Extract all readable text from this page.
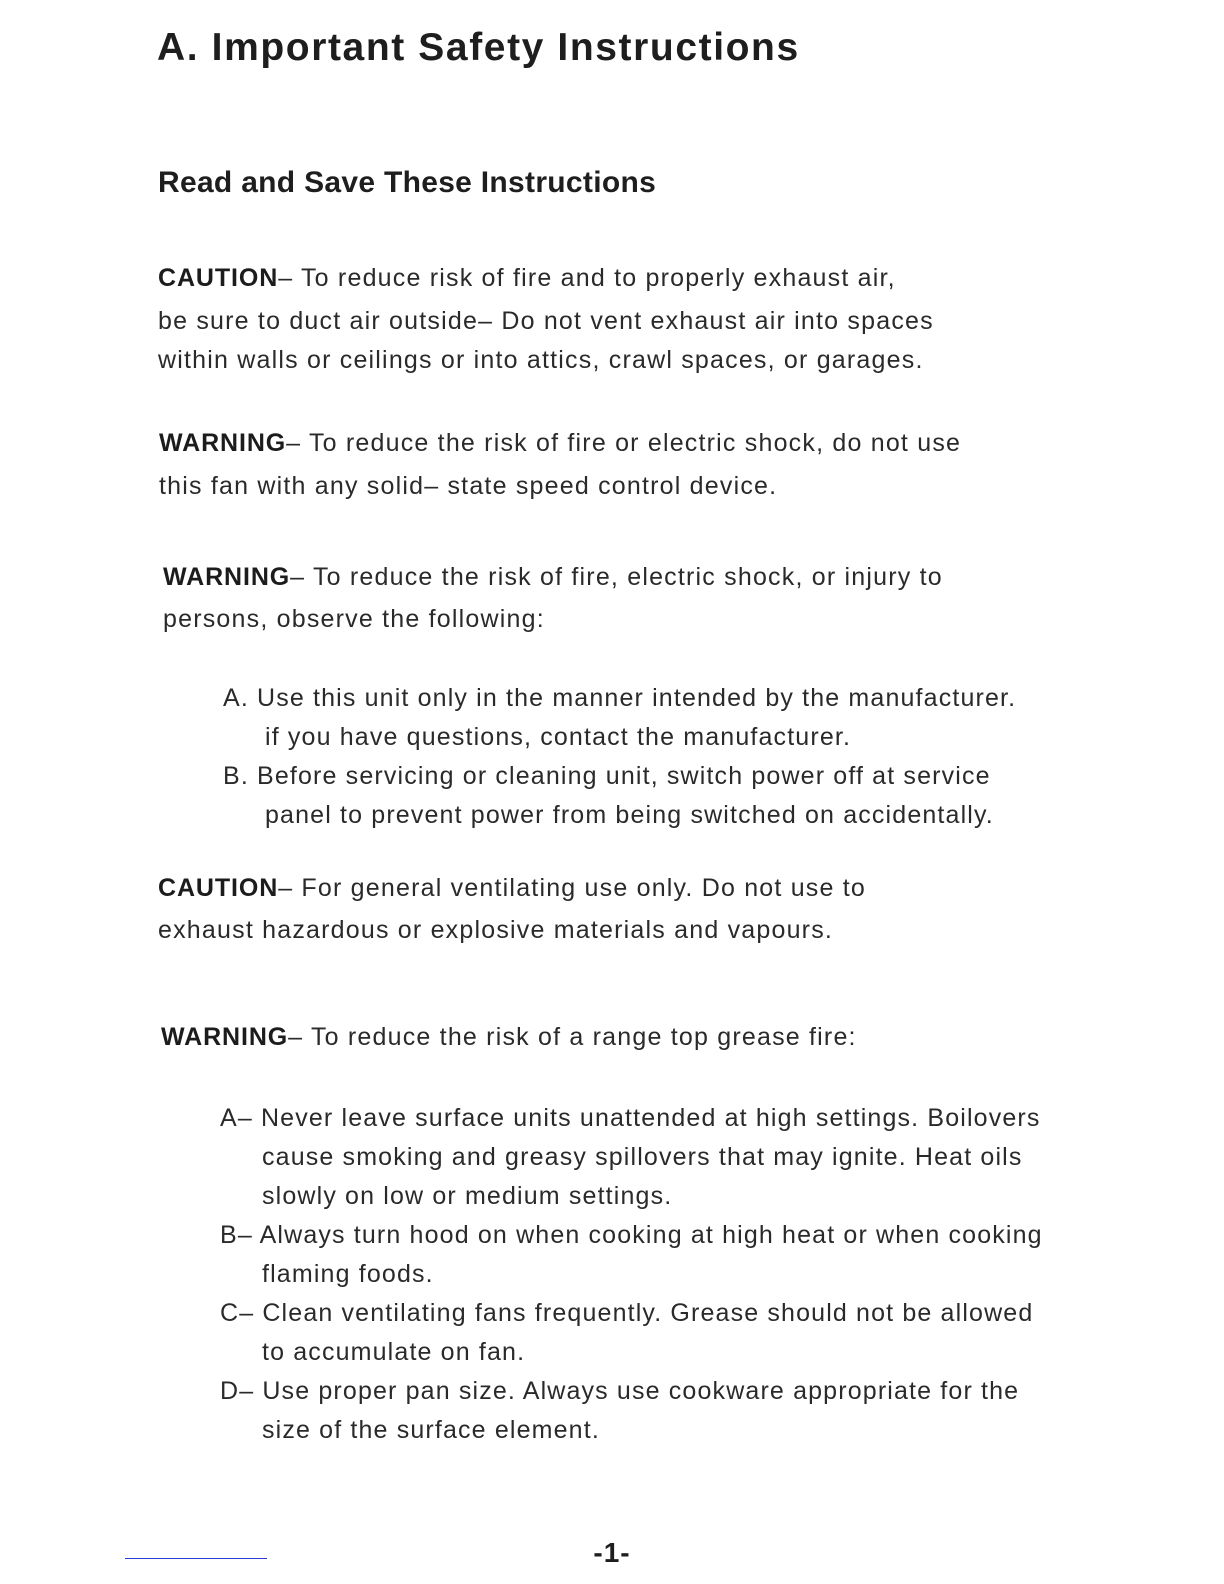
A. Important Safety Instructions
Read and Save These Instructions
CAUTION– To reduce risk of fire and to properly exhaust air,
be sure to duct air outside– Do not vent exhaust air into spaces
within walls or ceilings or into attics, crawl spaces, or garages.
WARNING– To reduce the risk of fire or electric shock, do not use
this fan with any solid– state speed control device.
WARNING– To reduce the risk of fire, electric shock, or injury to
persons, observe the following:
A. Use this unit only in the manner intended by the manufacturer.
if you have questions, contact the manufacturer.
B. Before servicing or cleaning unit, switch power off at service
panel to prevent power from being switched on accidentally.
CAUTION– For general ventilating use only. Do not use to
exhaust hazardous or explosive materials and vapours.
WARNING– To reduce the risk of a range top grease fire:
A– Never leave surface units unattended at high settings. Boilovers
cause smoking and greasy spillovers that may ignite. Heat oils
slowly on low or medium settings.
B– Always turn hood on when cooking at high heat or when cooking
flaming foods.
C– Clean ventilating fans frequently. Grease should not be allowed
to accumulate on fan.
D– Use proper pan size. Always use cookware appropriate for the
size of the surface element.
-1-
